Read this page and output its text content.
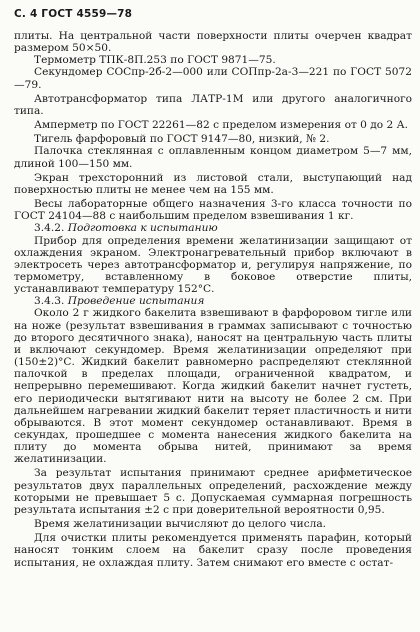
С. 4 ГОСТ 4559—78

плиты. На центральной части поверхности плиты очерчен квадрат размером 50×50.

Термометр ТПК-8П.253 по ГОСТ 9871—75.

Секундомер СОСпр-2б-2—000 или СОПпр-2а-3—221 по ГОСТ 5072—79.

Автотрансформатор типа ЛАТР-1М или другого аналогичного типа.

Амперметр по ГОСТ 22261—82 с пределом измерения от 0 до 2 А.

Тигель фарфоровый по ГОСТ 9147—80, низкий, № 2.

Палочка стеклянная с оплавленным концом диаметром 5—7 мм, длиной 100—150 мм.

Экран трехсторонний из листовой стали, выступающий над поверхностью плиты не менее чем на 155 мм.

Весы лабораторные общего назначения 3-го класса точности по ГОСТ 24104—88 с наибольшим пределом взвешивания 1 кг.

3.4.2. Подготовка к испытанию

Прибор для определения времени желатинизации защищают от охлаждения экраном. Электронагревательный прибор включают в электросеть через автотрансформатор и, регулируя напряжение, по термометру, вставленному в боковое отверстие плиты, устанавливают температуру 152°С.

3.4.3. Проведение испытания

Около 2 г жидкого бакелита взвешивают в фарфоровом тигле или на ноже (результат взвешивания в граммах записывают с точностью до второго десятичного знака), наносят на центральную часть плиты и включают секундомер. Время желатинизации определяют при (150±2)°С. Жидкий бакелит равномерно распределяют стеклянной палочкой в пределах площади, ограниченной квадратом, и непрерывно перемешивают. Когда жидкий бакелит начнет густеть, его периодически вытягивают нити на высоту не более 2 см. При дальнейшем нагревании жидкий бакелит теряет пластичность и нити обрываются. В этот момент секундомер останавливают. Время в секундах, прошедшее с момента нанесения жидкого бакелита на плиту до момента обрыва нитей, принимают за время желатинизации.

За результат испытания принимают среднее арифметическое результатов двух параллельных определений, расхождение между которыми не превышает 5 с. Допускаемая суммарная погрешность результата испытания ±2 с при доверительной вероятности 0,95.

Время желатинизации вычисляют до целого числа.

Для очистки плиты рекомендуется применять парафин, который наносят тонким слоем на бакелит сразу после проведения испытания, не охлаждая плиту. Затем снимают его вместе с остат-
